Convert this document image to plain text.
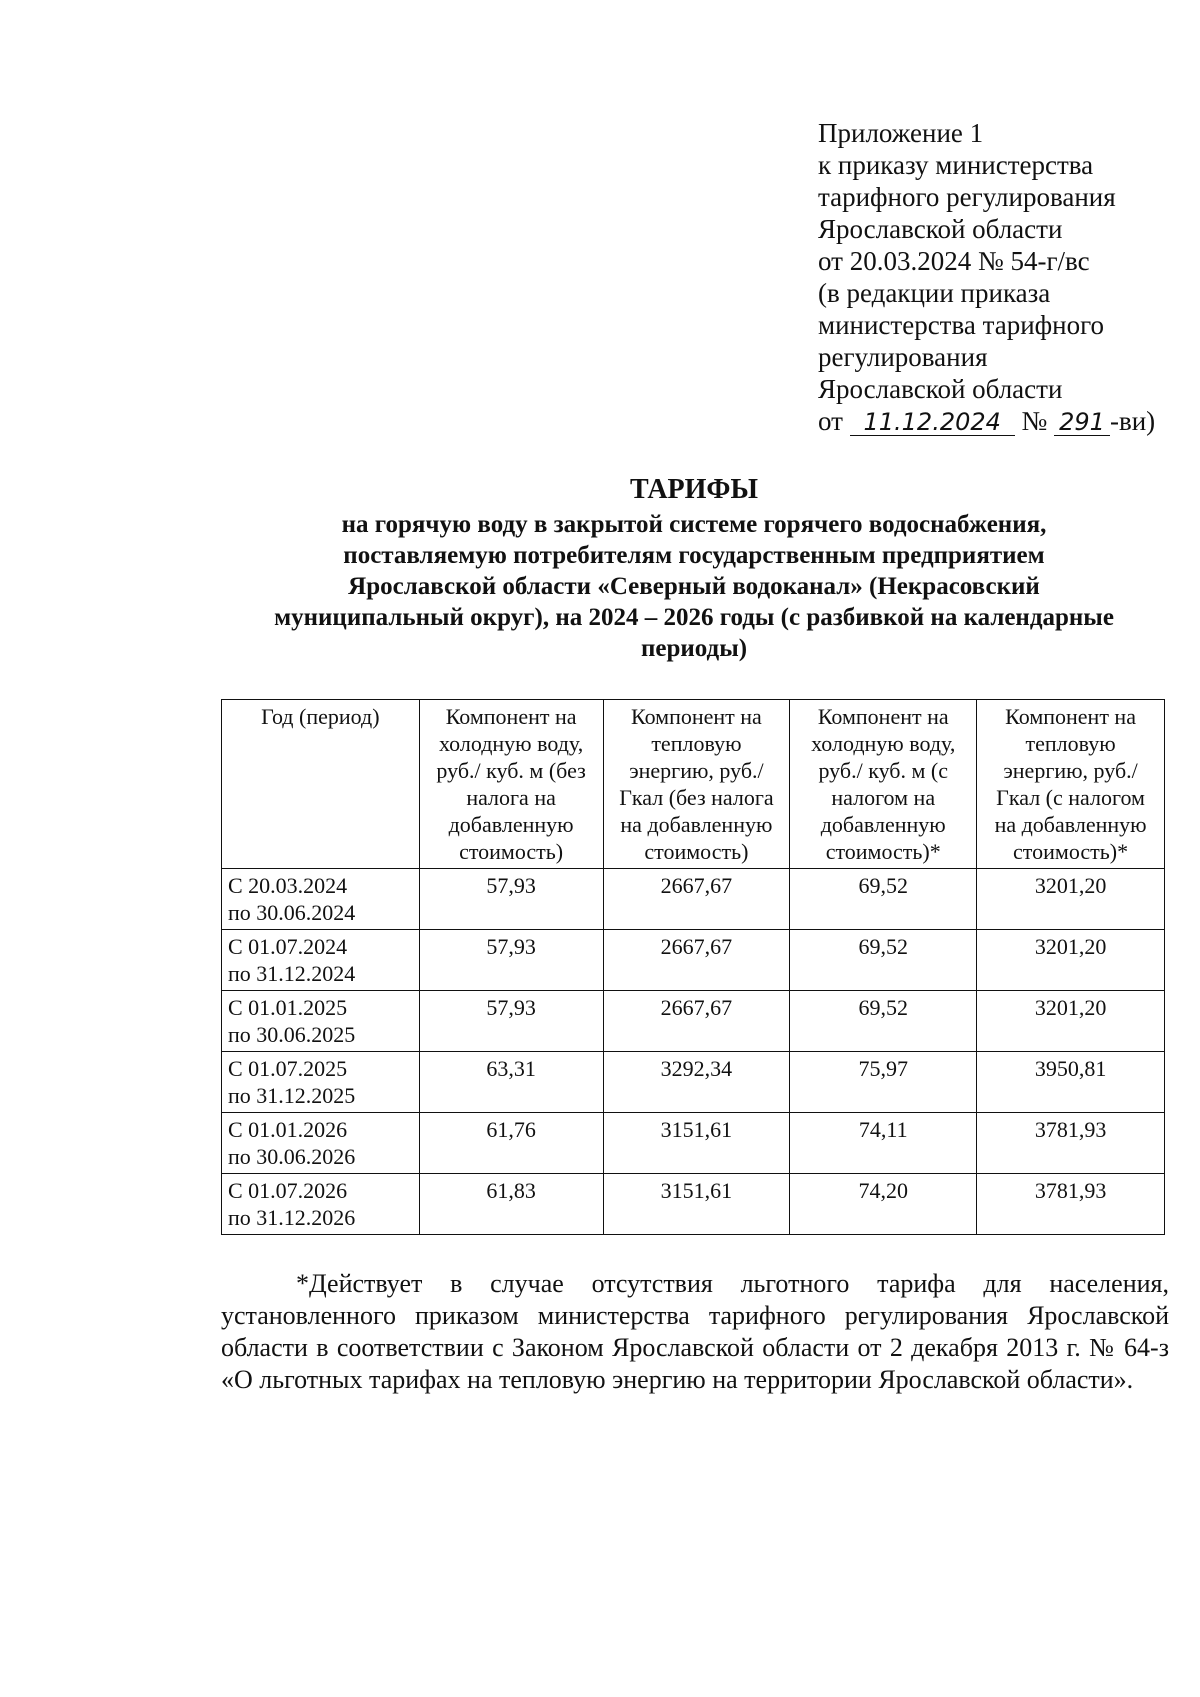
Приложение 1
к приказу министерства
тарифного регулирования
Ярославской области
от 20.03.2024 № 54-г/вс
(в редакции приказа
министерства тарифного
регулирования
Ярославской области
от 11.12.2024 № 291 -ви)
ТАРИФЫ
на горячую воду в закрытой системе горячего водоснабжения,
поставляемую потребителям государственным предприятием
Ярославской области «Северный водоканал» (Некрасовский
муниципальный округ), на 2024 – 2026 годы (с разбивкой на календарные
периоды)
Год (период)	Компонент на холодную воду, руб./ куб. м (без налога на добавленную стоимость)	Компонент на тепловую энергию, руб./Гкал (без налога на добавленную стоимость)	Компонент на холодную воду, руб./ куб. м (с налогом на добавленную стоимость)*	Компонент на тепловую энергию, руб./Гкал (с налогом на добавленную стоимость)*

С 20.03.2024
по 30.06.2024	57,93	2667,67	69,52	3201,20

С 01.07.2024
по 31.12.2024	57,93	2667,67	69,52	3201,20

С 01.01.2025
по 30.06.2025	57,93	2667,67	69,52	3201,20

С 01.07.2025
по 31.12.2025	63,31	3292,34	75,97	3950,81

С 01.01.2026
по 30.06.2026	61,76	3151,61	74,11	3781,93

С 01.07.2026
по 31.12.2026	61,83	3151,61	74,20	3781,93
*Действует в случае отсутствия льготного тарифа для населения, установленного приказом министерства тарифного регулирования Ярославской области в соответствии с Законом Ярославской области от 2 декабря 2013 г. № 64-з «О льготных тарифах на тепловую энергию на территории Ярославской области».
